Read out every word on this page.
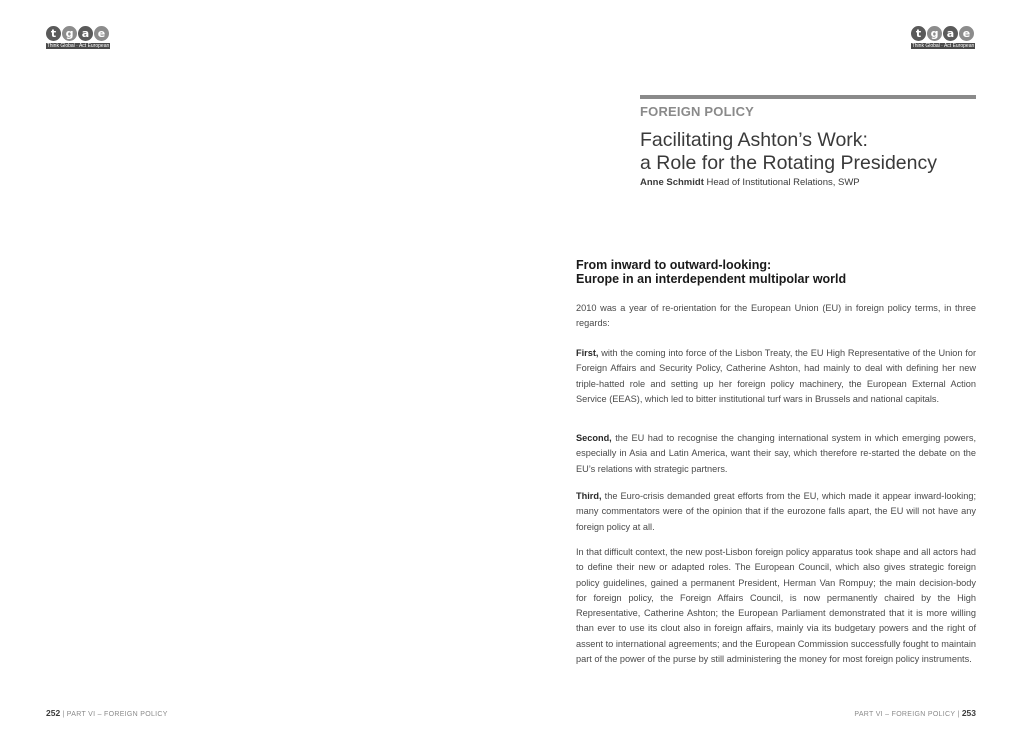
t g a e
Think Global · Act European
t g a e
Think Global · Act European
FOREIGN POLICY
Facilitating Ashton’s Work:
a Role for the Rotating Presidency
Anne Schmidt Head of Institutional Relations, SWP
From inward to outward-looking:
Europe in an interdependent multipolar world

2010 was a year of re-orientation for the European Union (EU) in foreign policy terms, in three regards:

First, with the coming into force of the Lisbon Treaty, the EU High Representative of the Union for Foreign Affairs and Security Policy, Catherine Ashton, had mainly to deal with defining her new triple-hatted role and setting up her foreign policy machinery, the European External Action Service (EEAS), which led to bitter institutional turf wars in Brussels and national capitals.

Second, the EU had to recognise the changing international system in which emerging powers, especially in Asia and Latin America, want their say, which therefore re-started the debate on the EU’s relations with strategic partners.

Third, the Euro-crisis demanded great efforts from the EU, which made it appear inward-looking; many commentators were of the opinion that if the eurozone falls apart, the EU will not have any foreign policy at all.

In that difficult context, the new post-Lisbon foreign policy apparatus took shape and all actors had to define their new or adapted roles. The European Council, which also gives strategic foreign policy guidelines, gained a permanent President, Herman Van Rompuy; the main decision-body for foreign policy, the Foreign Affairs Council, is now permanently chaired by the High Representative, Catherine Ashton; the European Parliament demonstrated that it is more willing than ever to use its clout also in foreign affairs, mainly via its budgetary powers and the right of assent to international agreements; and the European Commission successfully fought to maintain part of the power of the purse by still administering the money for most foreign policy instruments.

252 | PART VI – FOREIGN POLICY	PART VI – FOREIGN POLICY | 253
